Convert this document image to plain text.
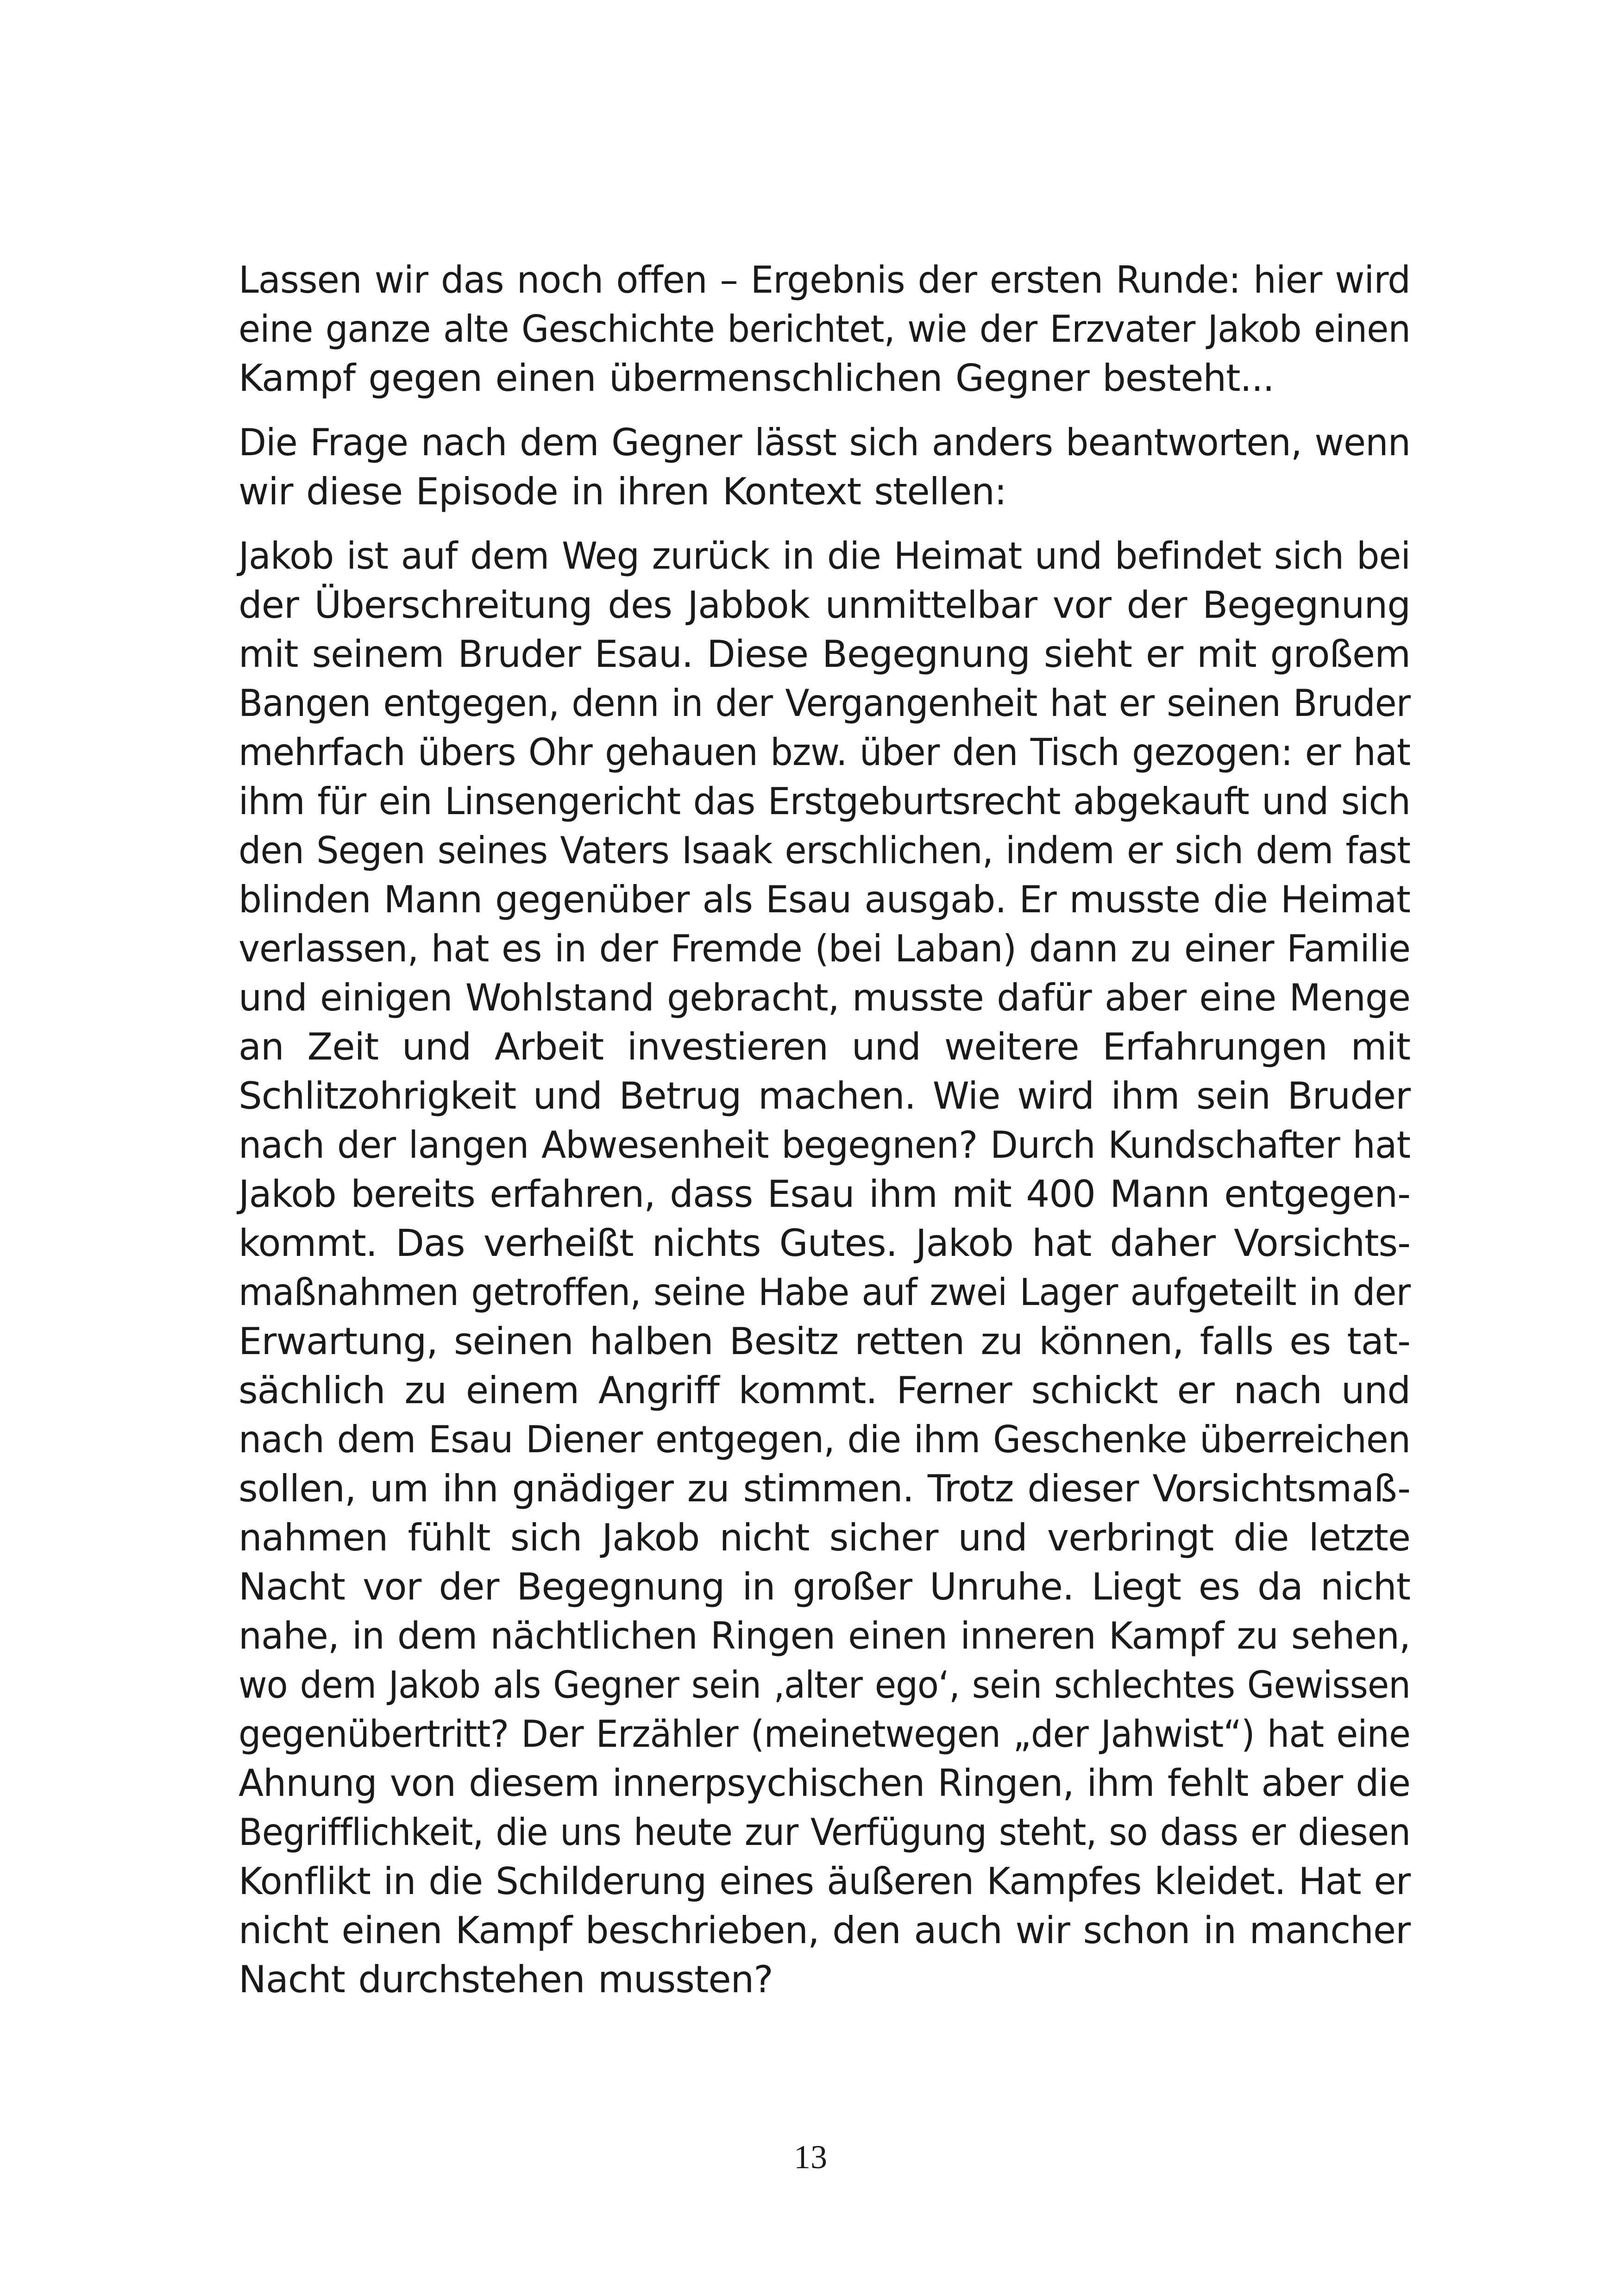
Lassen wir das noch offen – Ergebnis der ersten Runde: hier wird
eine ganze alte Geschichte berichtet, wie der Erzvater Jakob einen
Kampf gegen einen übermenschlichen Gegner besteht...
Die Frage nach dem Gegner lässt sich anders beantworten, wenn
wir diese Episode in ihren Kontext stellen:
Jakob ist auf dem Weg zurück in die Heimat und befindet sich bei
der Überschreitung des Jabbok unmittelbar vor der Begegnung
mit seinem Bruder Esau. Diese Begegnung sieht er mit großem
Bangen entgegen, denn in der Vergangenheit hat er seinen Bruder
mehrfach übers Ohr gehauen bzw. über den Tisch gezogen: er hat
ihm für ein Linsengericht das Erstgeburtsrecht abgekauft und sich
den Segen seines Vaters Isaak erschlichen, indem er sich dem fast
blinden Mann gegenüber als Esau ausgab. Er musste die Heimat
verlassen, hat es in der Fremde (bei Laban) dann zu einer Familie
und einigen Wohlstand gebracht, musste dafür aber eine Menge
an Zeit und Arbeit investieren und weitere Erfahrungen mit
Schlitzohrigkeit und Betrug machen. Wie wird ihm sein Bruder
nach der langen Abwesenheit begegnen? Durch Kundschafter hat
Jakob bereits erfahren, dass Esau ihm mit 400 Mann entgegen-
kommt. Das verheißt nichts Gutes. Jakob hat daher Vorsichts-
maßnahmen getroffen, seine Habe auf zwei Lager aufgeteilt in der
Erwartung, seinen halben Besitz retten zu können, falls es tat-
sächlich zu einem Angriff kommt. Ferner schickt er nach und
nach dem Esau Diener entgegen, die ihm Geschenke überreichen
sollen, um ihn gnädiger zu stimmen. Trotz dieser Vorsichtsmaß-
nahmen fühlt sich Jakob nicht sicher und verbringt die letzte
Nacht vor der Begegnung in großer Unruhe. Liegt es da nicht
nahe, in dem nächtlichen Ringen einen inneren Kampf zu sehen,
wo dem Jakob als Gegner sein ‚alter ego‘, sein schlechtes Gewissen
gegenübertritt? Der Erzähler (meinetwegen „der Jahwist“) hat eine
Ahnung von diesem innerpsychischen Ringen, ihm fehlt aber die
Begrifflichkeit, die uns heute zur Verfügung steht, so dass er diesen
Konflikt in die Schilderung eines äußeren Kampfes kleidet. Hat er
nicht einen Kampf beschrieben, den auch wir schon in mancher
Nacht durchstehen mussten?
13
